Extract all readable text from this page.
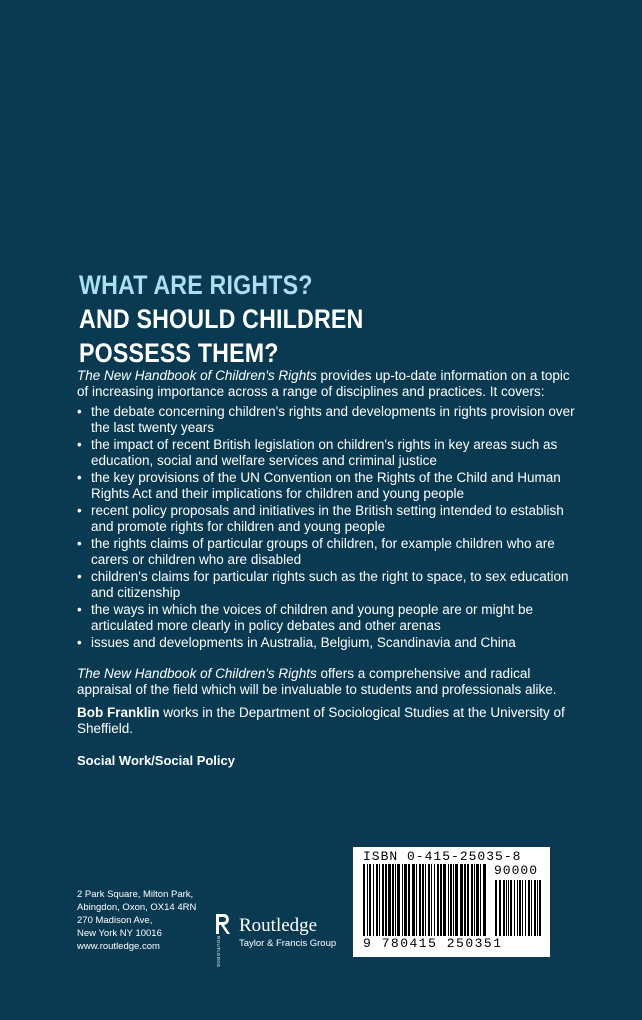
WHAT ARE RIGHTS?
AND SHOULD CHILDREN
POSSESS THEM?

The New Handbook of Children's Rights provides up-to-date information on a topic of increasing importance across a range of disciplines and practices. It covers:

• the debate concerning children's rights and developments in rights provision over the last twenty years
• the impact of recent British legislation on children's rights in key areas such as education, social and welfare services and criminal justice
• the key provisions of the UN Convention on the Rights of the Child and Human Rights Act and their implications for children and young people
• recent policy proposals and initiatives in the British setting intended to establish and promote rights for children and young people
• the rights claims of particular groups of children, for example children who are carers or children who are disabled
• children's claims for particular rights such as the right to space, to sex education and citizenship
• the ways in which the voices of children and young people are or might be articulated more clearly in policy debates and other arenas
• issues and developments in Australia, Belgium, Scandinavia and China

The New Handbook of Children's Rights offers a comprehensive and radical appraisal of the field which will be invaluable to students and professionals alike.

Bob Franklin works in the Department of Sociological Studies at the University of Sheffield.

Social Work/Social Policy

2 Park Square, Milton Park,
Abingdon, Oxon, OX14 4RN
270 Madison Ave,
New York NY 10016
www.routledge.com	ROUTLEDGE
Routledge
Taylor & Francis Group
ISBN 0-415-25035-8
90000
9 780415 250351
